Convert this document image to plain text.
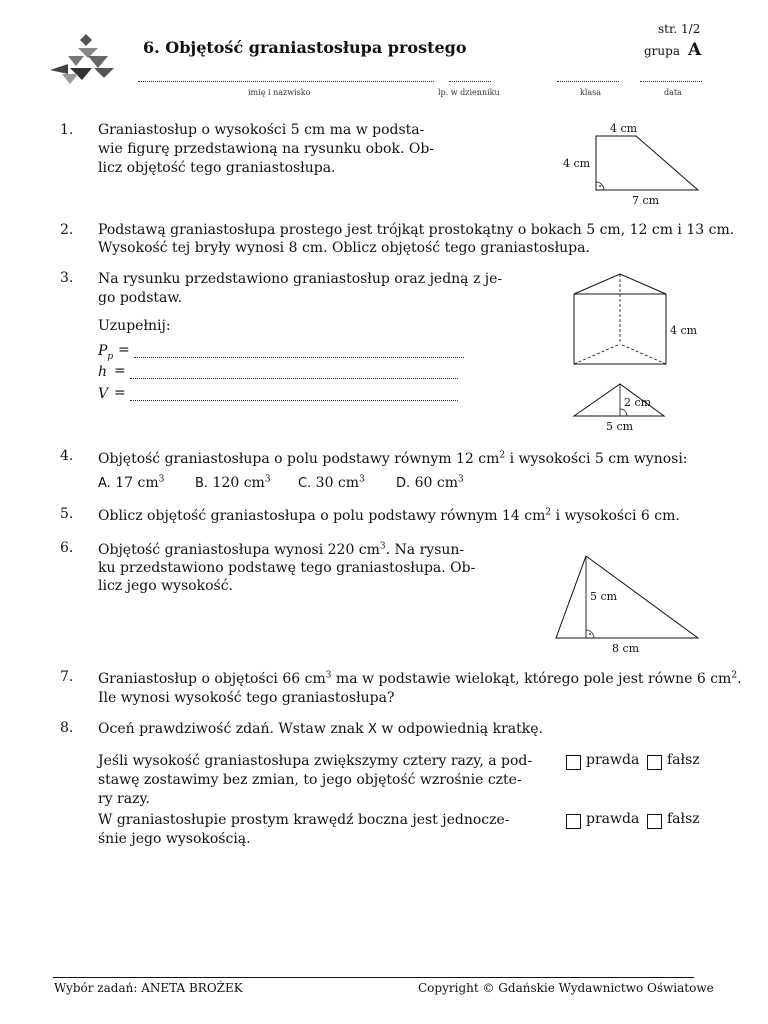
6. Objętość graniastosłupa prostego
str. 1/2
grupa A
imię i nazwisko	lp. w dzienniku	klasa	data
1. Graniastosłup o wysokości 5 cm ma w podsta-
wie figurę przedstawioną na rysunku obok. Ob-
licz objętość tego graniastosłupa.
4 cm
4 cm
7 cm
2. Podstawą graniastosłupa prostego jest trójkąt prostokątny o bokach 5 cm, 12 cm i 13 cm.
Wysokość tej bryły wynosi 8 cm. Oblicz objętość tego graniastosłupa.
3. Na rysunku przedstawiono graniastosłup oraz jedną z je-
go podstaw.
Uzupełnij:
$P_p$ =
h =
V =
4 cm
2 cm
5 cm
4. Objętość graniastosłupa o polu podstawy równym 12 $cm^2$ i wysokości 5 cm wynosi:
A. 17 $cm^3$ B. 120 $cm^3$ C. 30 $cm^3$ D. 60 $cm^3$
5. Oblicz objętość graniastosłupa o polu podstawy równym 14 $cm^2$ i wysokości 6 cm.
6. Objętość graniastosłupa wynosi 220 $cm^3$. Na rysun-
ku przedstawiono podstawę tego graniastosłupa. Ob-
licz jego wysokość.
5 cm
8 cm
7. Graniastosłup o objętości 66 $cm^3$ ma w podstawie wielokąt, którego pole jest równe 6 $cm^2$.
Ile wynosi wysokość tego graniastosłupa?
8. Oceń prawdziwość zdań. Wstaw znak X w odpowiednią kratkę.
Jeśli wysokość graniastosłupa zwiększymy cztery razy, a pod-
stawę zostawimy bez zmian, to jego objętość wzrośnie czte-
ry razy.
prawda fałsz
W graniastosłupie prostym krawędź boczna jest jednocze-
śnie jego wysokością.
prawda fałsz
Wybór zadań: ANETA BROŻEK	Copyright © Gdańskie Wydawnictwo Oświatowe
